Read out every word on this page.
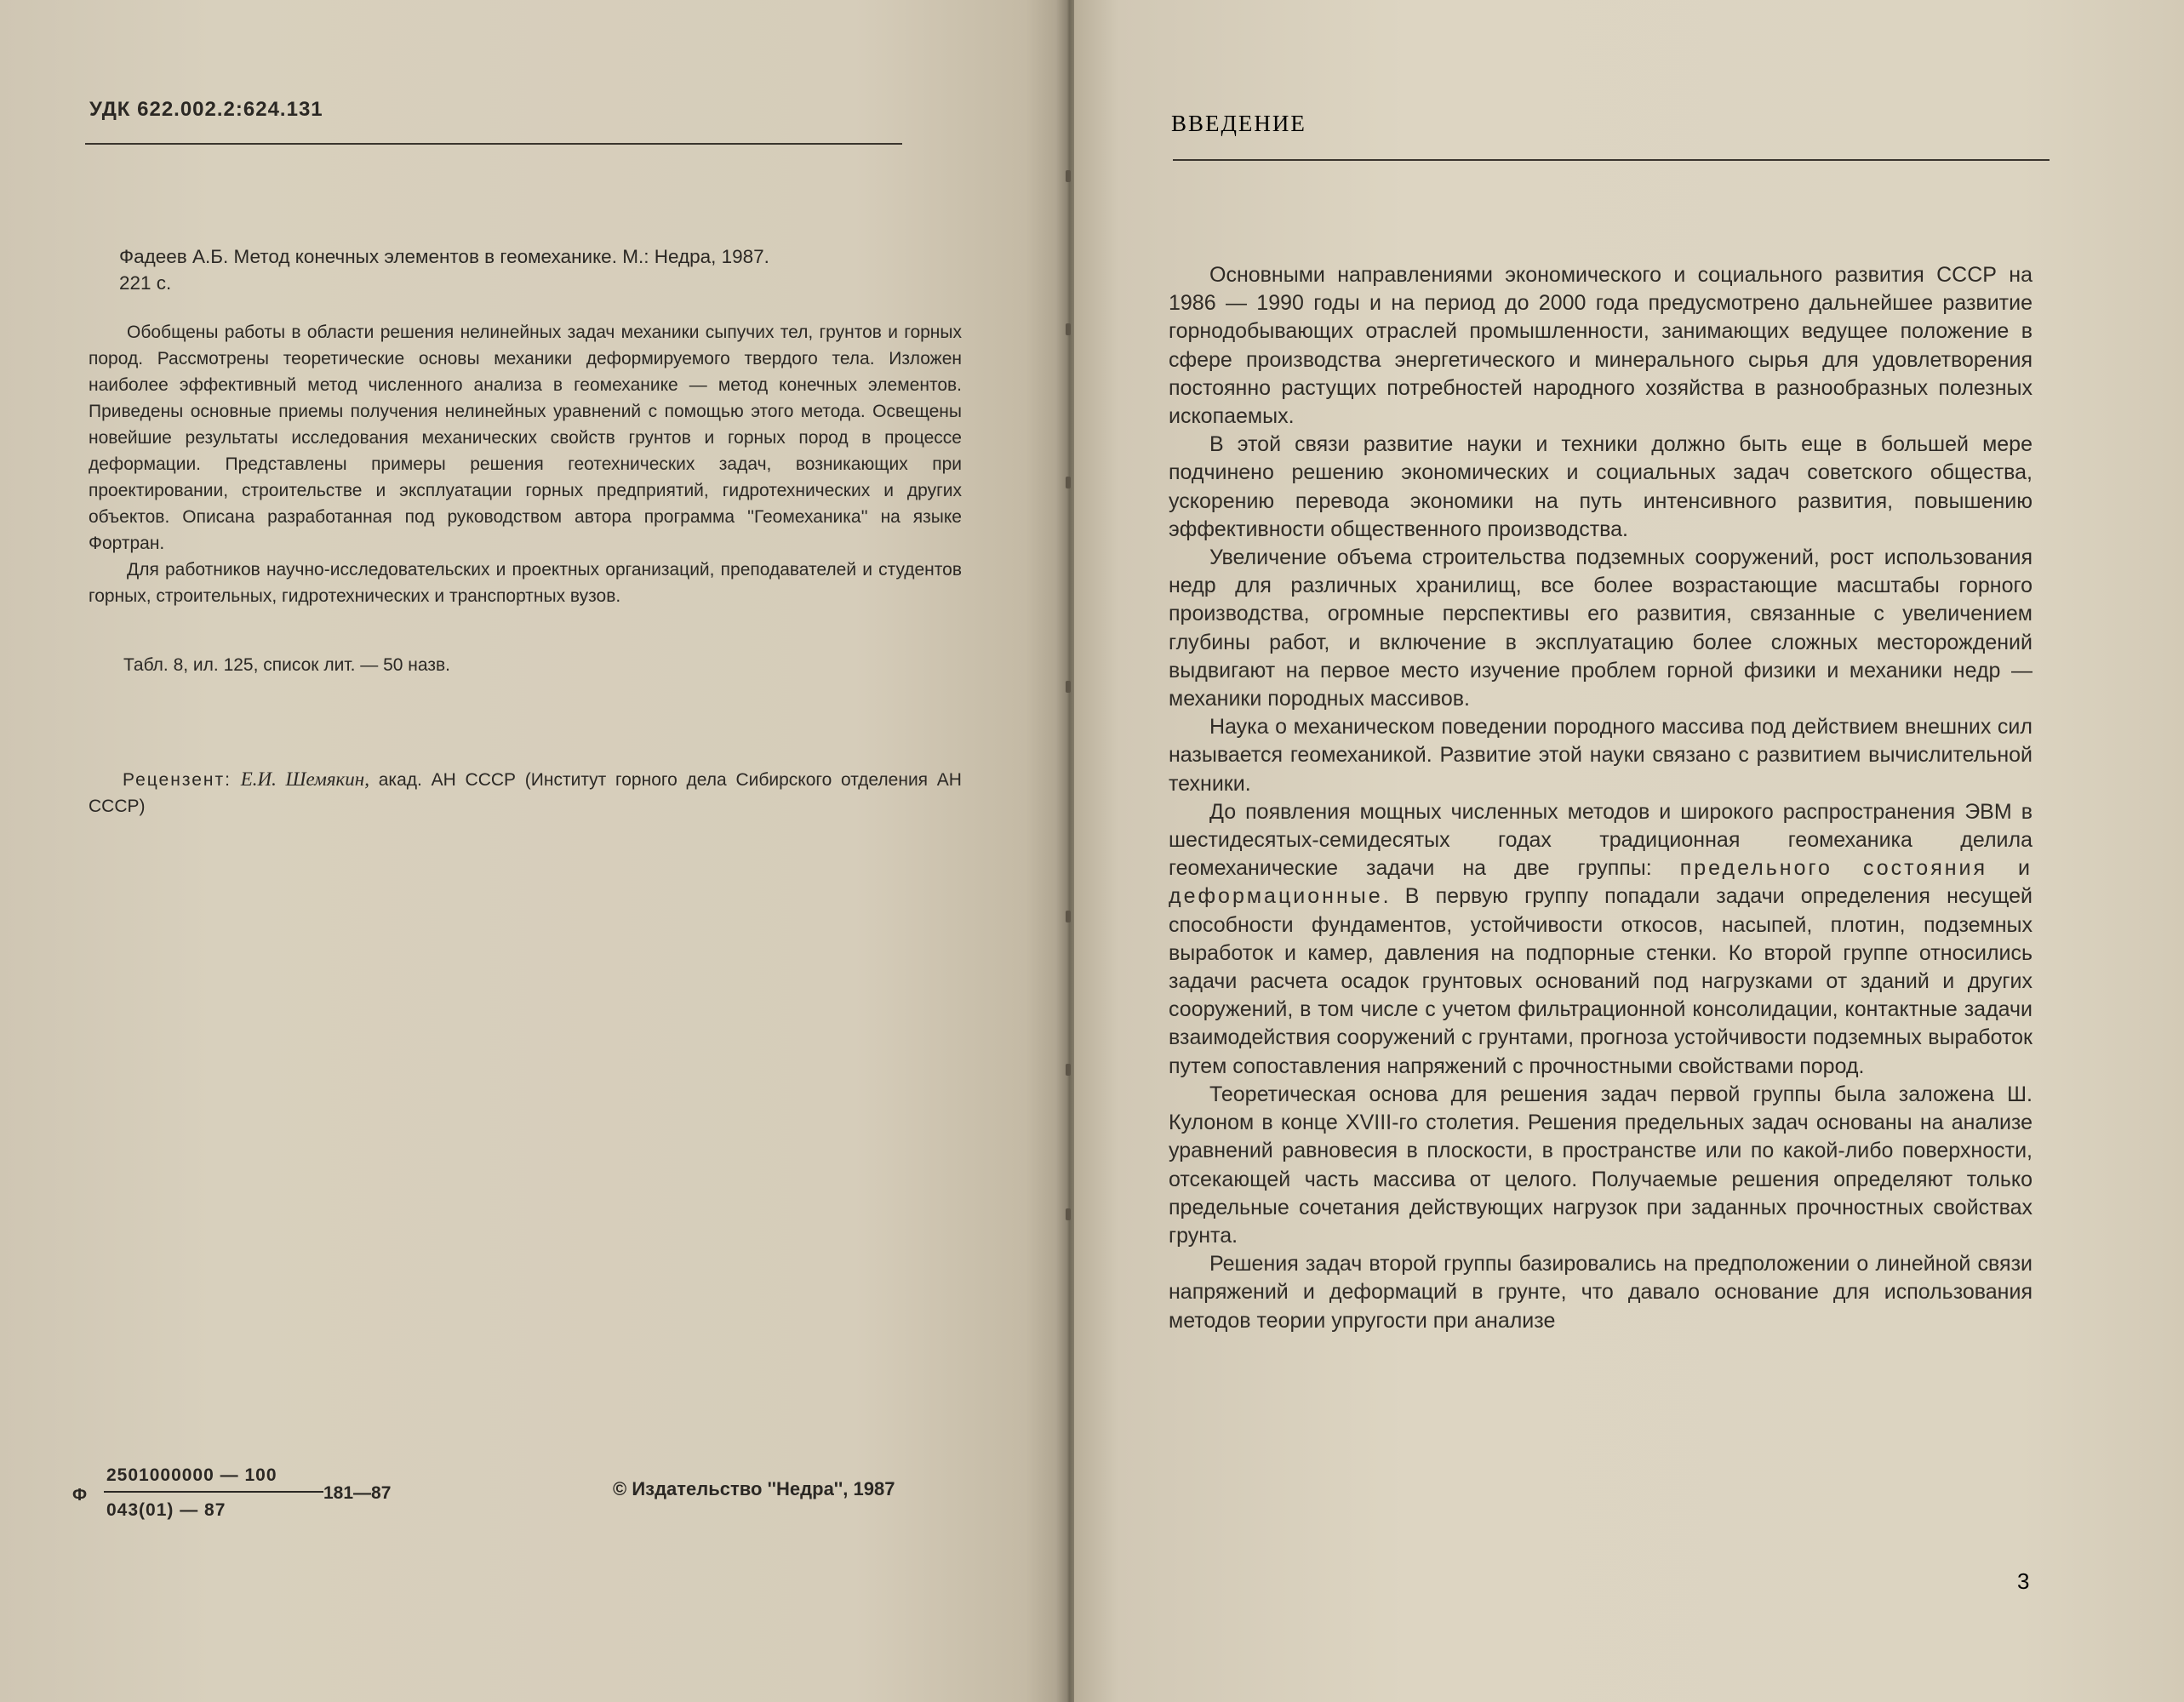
УДК 622.002.2:624.131
Фадеев А.Б. Метод конечных элементов в геомеханике. М.: Недра, 1987.
221 с.

Обобщены работы в области решения нелинейных задач механики сыпучих тел, грунтов и горных пород. Рассмотрены теоретические основы механики деформируемого твердого тела. Изложен наиболее эффективный метод численного анализа в геомеханике — метод конечных элементов. Приведены основные приемы получения нелинейных уравнений с помощью этого метода. Освещены новейшие результаты исследования механических свойств грунтов и горных пород в процессе деформации. Представлены примеры решения геотехнических задач, возникающих при проектировании, строительстве и эксплуатации горных предприятий, гидротехнических и других объектов. Описана разработанная под руководством автора программа ''Геомеханика'' на языке Фортран.

Для работников научно-исследовательских и проектных организаций, преподавателей и студентов горных, строительных, гидротехнических и транспортных вузов.

Табл. 8, ил. 125, список лит. — 50 назв.
Рецензент: Е.И. Шемякин, акад. АН СССР (Институт горного дела Сибирского отделения АН СССР)
Ф
2501000000 — 100
043(01) — 87
181—87	© Издательство ''Недра'', 1987
ВВЕДЕНИЕ

Основными направлениями экономического и социального развития СССР на 1986 — 1990 годы и на период до 2000 года предусмотрено дальнейшее развитие горнодобывающих отраслей промышленности, занимающих ведущее положение в сфере производства энергетического и минерального сырья для удовлетворения постоянно растущих потребностей народного хозяйства в разнообразных полезных ископаемых.

В этой связи развитие науки и техники должно быть еще в большей мере подчинено решению экономических и социальных задач советского общества, ускорению перевода экономики на путь интенсивного развития, повышению эффективности общественного производства.

Увеличение объема строительства подземных сооружений, рост использования недр для различных хранилищ, все более возрастающие масштабы горного производства, огромные перспективы его развития, связанные с увеличением глубины работ, и включение в эксплуатацию более сложных месторождений выдвигают на первое место изучение проблем горной физики и механики недр — механики породных массивов.

Наука о механическом поведении породного массива под действием внешних сил называется геомеханикой. Развитие этой науки связано с развитием вычислительной техники.

До появления мощных численных методов и широкого распространения ЭВМ в шестидесятых-семидесятых годах традиционная геомеханика делила геомеханические задачи на две группы: предельного состояния и деформационные. В первую группу попадали задачи определения несущей способности фундаментов, устойчивости откосов, насыпей, плотин, подземных выработок и камер, давления на подпорные стенки. Ко второй группе относились задачи расчета осадок грунтовых оснований под нагрузками от зданий и других сооружений, в том числе с учетом фильтрационной консолидации, контактные задачи взаимодействия сооружений с грунтами, прогноза устойчивости подземных выработок путем сопоставления напряжений с прочностными свойствами пород.

Теоретическая основа для решения задач первой группы была заложена Ш. Кулоном в конце XVIII-го столетия. Решения предельных задач основаны на анализе уравнений равновесия в плоскости, в пространстве или по какой-либо поверхности, отсекающей часть массива от целого. Получаемые решения определяют только предельные сочетания действующих нагрузок при заданных прочностных свойствах грунта.

Решения задач второй группы базировались на предположении о линейной связи напряжений и деформаций в грунте, что давало основание для использования методов теории упругости при анализе

3
